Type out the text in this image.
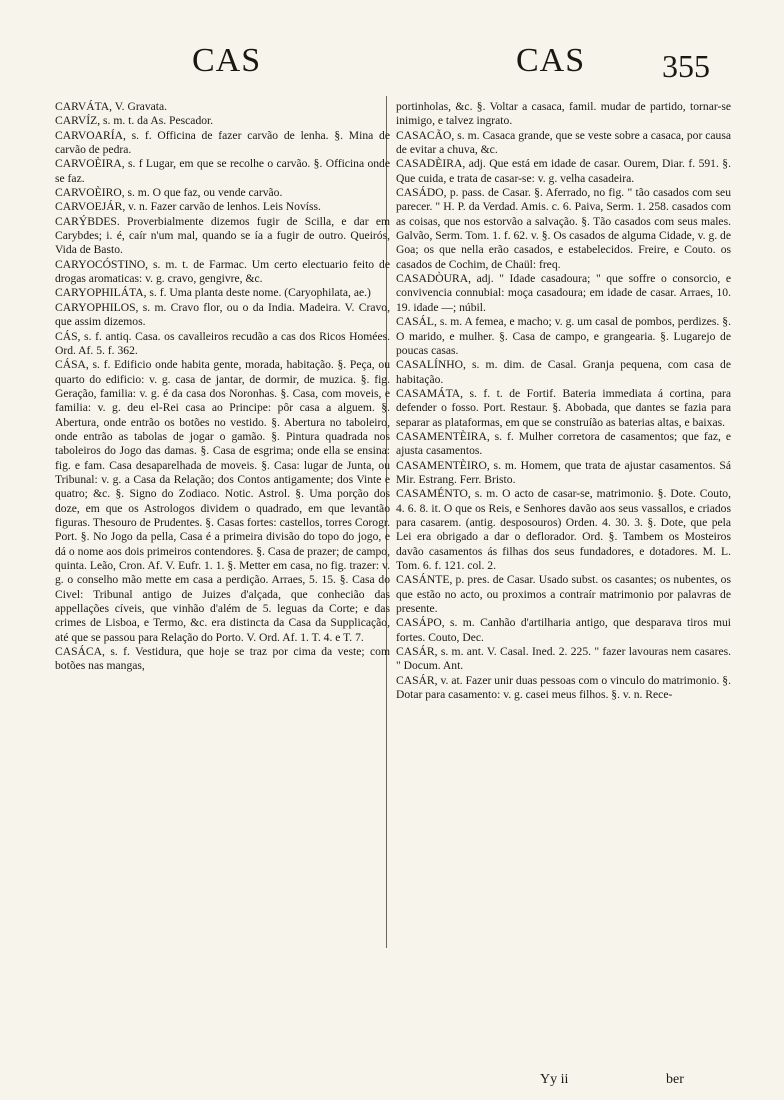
CAS	CAS 355

CARVÁTA, V. Gravata.

CARVÍZ, s. m. t. da As. Pescador.

CARVOARÍA, s. f. Officina de fazer carvão de lenha. §. Mina de carvão de pedra.

CARVOÈIRA, s. f Lugar, em que se recolhe o carvão. §. Officina onde se faz.

CARVOÈIRO, s. m. O que faz, ou vende carvão.

CARVOEJÁR, v. n. Fazer carvão de lenhos. Leis Novíss.

CARÝBDES. Proverbialmente dizemos fugir de Scilla, e dar em Carybdes; i. é, caír n'um mal, quando se ía a fugir de outro. Queirós, Vida de Basto.

CARYOCÓSTINO, s. m. t. de Farmac. Um certo electuario feito de drogas aromaticas: v. g. cravo, gengivre, &c.

CARYOPHILÁTA, s. f. Uma planta deste nome. (Caryophilata, ae.)

CARYOPHILOS, s. m. Cravo flor, ou o da India. Madeira. V. Cravo, que assim dizemos.

CÁS, s. f. antiq. Casa. os cavalleiros recudão a cas dos Ricos Homées. Ord. Af. 5. f. 362.

CÁSA, s. f. Edificio onde habita gente, morada, habitação. §. Peça, ou quarto do edificio: v. g. casa de jantar, de dormir, de muzica. §. fig. Geração, familia: v. g. é da casa dos Noronhas. §. Casa, com moveis, e familia: v. g. deu el-Rei casa ao Principe: pôr casa a alguem. §. Abertura, onde entrão os botões no vestido. §. Abertura no taboleiro, onde entrão as tabolas de jogar o gamão. §. Pintura quadrada nos taboleiros do Jogo das damas. §. Casa de esgrima; onde ella se ensina: fig. e fam. Casa desaparelhada de moveis. §. Casa: lugar de Junta, ou Tribunal: v. g. a Casa da Relação; dos Contos antigamente; dos Vinte e quatro; &c. §. Signo do Zodiaco. Notic. Astrol. §. Uma porção dos doze, em que os Astrologos dividem o quadrado, em que levantão figuras. Thesouro de Prudentes. §. Casas fortes: castellos, torres Corogr. Port. §. No Jogo da pella, Casa é a primeira divisão do topo do jogo, e dá o nome aos dois primeiros contendores. §. Casa de prazer; de campo, quinta. Leão, Cron. Af. V. Eufr. 1. 1. §. Metter em casa, no fig. trazer: v. g. o conselho mão mette em casa a perdição. Arraes, 5. 15. §. Casa do Civel: Tribunal antigo de Juizes d'alçada, que conhecião das appellações cíveis, que vinhão d'além de 5. leguas da Corte; e das crimes de Lisboa, e Termo, &c. era distincta da Casa da Supplicação, até que se passou para Relação do Porto. V. Ord. Af. 1. T. 4. e T. 7.

CASÁCA, s. f. Vestidura, que hoje se traz por cima da veste; com botões nas mangas,

portinholas, &c. §. Voltar a casaca, famil. mudar de partido, tornar-se inimigo, e talvez ingrato.

CASACÃO, s. m. Casaca grande, que se veste sobre a casaca, por causa de evitar a chuva, &c.

CASADÈIRA, adj. Que está em idade de casar. Ourem, Diar. f. 591. §. Que cuida, e trata de casar-se: v. g. velha casadeira.

CASÁDO, p. pass. de Casar. §. Aferrado, no fig. " tão casados com seu parecer. " H. P. da Verdad. Amis. c. 6. Paiva, Serm. 1. 258. casados com as coisas, que nos estorvão a salvação. §. Tão casados com seus males. Galvão, Serm. Tom. 1. f. 62. v. §. Os casados de alguma Cidade, v. g. de Goa; os que nella erão casados, e estabelecidos. Freire, e Couto. os casados de Cochim, de Chaül: freq.

CASADÒURA, adj. " Idade casadoura; " que soffre o consorcio, e convivencia connubial: moça casadoura; em idade de casar. Arraes, 10. 19. idade —; núbil.

CASÁL, s. m. A femea, e macho; v. g. um casal de pombos, perdizes. §. O marido, e mulher. §. Casa de campo, e grangearia. §. Lugarejo de poucas casas.

CASALÍNHO, s. m. dim. de Casal. Granja pequena, com casa de habitação.

CASAMÁTA, s. f. t. de Fortif. Bateria immediata á cortina, para defender o fosso. Port. Restaur. §. Abobada, que dantes se fazia para separar as plataformas, em que se construíão as baterias altas, e baixas.

CASAMENTÈIRA, s. f. Mulher corretora de casamentos; que faz, e ajusta casamentos.

CASAMENTÈIRO, s. m. Homem, que trata de ajustar casamentos. Sá Mir. Estrang. Ferr. Bristo.

CASAMÉNTO, s. m. O acto de casar-se, matrimonio. §. Dote. Couto, 4. 6. 8. it. O que os Reis, e Senhores davão aos seus vassallos, e criados para casarem. (antig. desposouros) Orden. 4. 30. 3. §. Dote, que pela Lei era obrigado a dar o deflorador. Ord. §. Tambem os Mosteiros davão casamentos ás filhas dos seus fundadores, e dotadores. M. L. Tom. 6. f. 121. col. 2.

CASÁNTE, p. pres. de Casar. Usado subst. os casantes; os nubentes, os que estão no acto, ou proximos a contraír matrimonio por palavras de presente.

CASÁPO, s. m. Canhão d'artilharia antigo, que desparava tiros mui fortes. Couto, Dec.

CASÁR, s. m. ant. V. Casal. Ined. 2. 225. " fazer lavouras nem casares. " Docum. Ant.

CASÁR, v. at. Fazer unir duas pessoas com o vinculo do matrimonio. §. Dotar para casamento: v. g. casei meus filhos. §. v. n. Rece-

Yy ii	ber
